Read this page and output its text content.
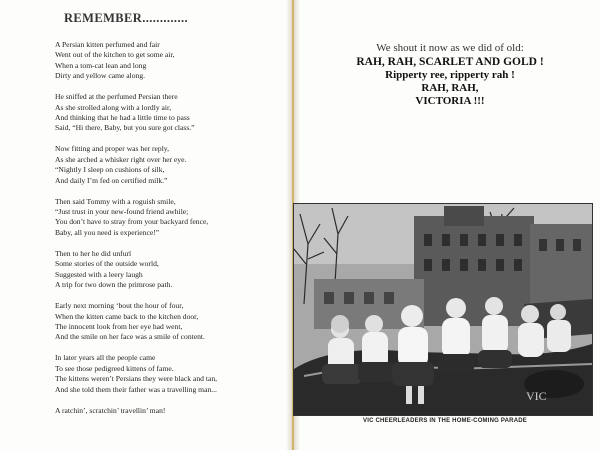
REMEMBER.............
A Persian kitten perfumed and fair
Went out of the kitchen to get some air,
When a tom-cat lean and long
Dirty and yellow came along.
He sniffed at the perfumed Persian there
As she strolled along with a lordly air,
And thinking that he had a little time to pass
Said, “Hi there, Baby, but you sure got class.”
Now fitting and proper was her reply,
As she arched a whisker right over her eye.
“Nightly I sleep on cushions of silk,
And daily I’m fed on certified milk.”
Then said Tommy with a roguish smile,
“Just trust in your new-found friend awhile;
You don’t have to stray from your backyard fence,
Baby, all you need is experience!”
Then to her he did unfurl
Some stories of the outside world,
Suggested with a leery laugh
A trip for two down the primrose path.
Early next morning ‘bout the hour of four,
When the kitten came back to the kitchen door,
The innocent look from her eye had went,
And the smile on her face was a smile of content.
In later years all the people came
To see those pedigreed kittens of fame.
The kittens weren’t Persians they were black and tan,
And she told them their father was a travelling man...
A ratchin’, scratchin’ travellin’ man!
We shout it now as we did of old:
RAH, RAH, SCARLET AND GOLD !
Ripperty ree, ripperty rah !
RAH, RAH,
VICTORIA !!!
VIC
VIC CHEERLEADERS IN THE HOME-COMING PARADE
